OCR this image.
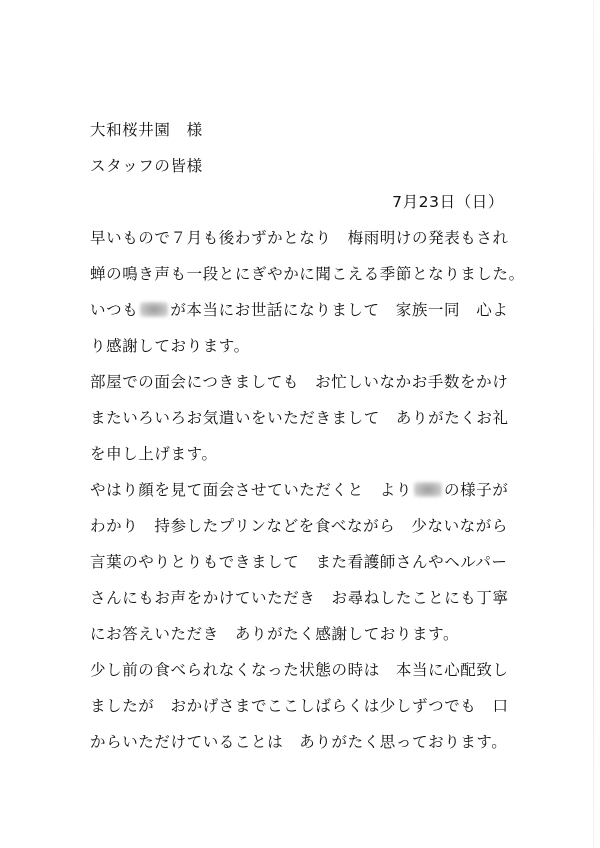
大和桜井園　様
スタッフの皆様
7月23日（日）
早いもので７月も後わずかとなり　梅雨明けの発表もされ
蝉の鳴き声も一段とにぎやかに聞こえる季節となりました。
いつも が本当にお世話になりまして　家族一同　心よ
り感謝しております。
部屋での面会につきましても　お忙しいなかお手数をかけ
またいろいろお気遣いをいただきまして　ありがたくお礼
を申し上げます。
やはり顔を見て面会させていただくと　より の様子が
わかり　持参したプリンなどを食べながら　少ないながら
言葉のやりとりもできまして　また看護師さんやヘルパー
さんにもお声をかけていただき　お尋ねしたことにも丁寧
にお答えいただき　ありがたく感謝しております。
少し前の食べられなくなった状態の時は　本当に心配致し
ましたが　おかげさまでここしばらくは少しずつでも　口
からいただけていることは　ありがたく思っております。
